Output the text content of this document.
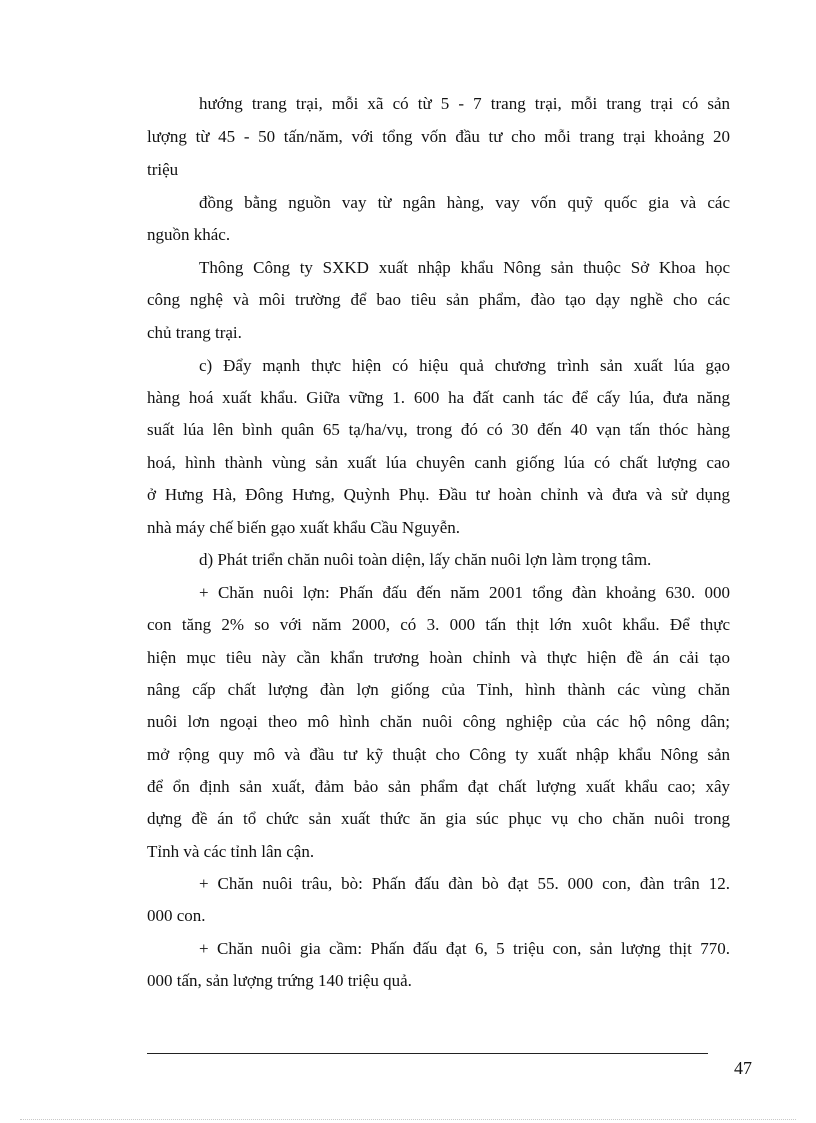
hướng trang trại, mỗi xã có từ 5 - 7 trang trại, mỗi trang trại có sản
lượng từ 45 - 50 tấn/năm, với tổng vốn đầu tư cho mỗi trang trại khoảng 20
triệu
đồng bằng nguồn vay từ ngân hàng, vay vốn quỹ quốc gia và các
nguồn khác.
Thông Công ty SXKD xuất nhập khẩu Nông sản thuộc Sở Khoa học
công nghệ và môi trường để bao tiêu sản phẩm, đào tạo dạy nghề cho các
chủ trang trại.
c) Đẩy mạnh thực hiện có hiệu quả chương trình sản xuất lúa gạo
hàng hoá xuất khẩu. Giữa vững 1. 600 ha đất canh tác để cấy lúa, đưa năng
suất lúa lên bình quân 65 tạ/ha/vụ, trong đó có 30 đến 40 vạn tấn thóc hàng
hoá, hình thành vùng sản xuất lúa chuyên canh giống lúa có chất lượng cao
ở Hưng Hà, Đông Hưng, Quỳnh Phụ. Đầu tư hoàn chỉnh và đưa và sử dụng
nhà máy chế biến gạo xuất khẩu Cầu Nguyễn.
d) Phát triển chăn nuôi toàn diện, lấy chăn nuôi lợn làm trọng tâm.
+ Chăn nuôi lợn: Phấn đấu đến năm 2001 tổng đàn khoảng 630. 000
con tăng 2% so với năm 2000, có 3. 000 tấn thịt lớn xuôt khẩu. Để thực
hiện mục tiêu này cần khẩn trương hoàn chỉnh và thực hiện đề án cải tạo
nâng cấp chất lượng đàn lợn giống của Tỉnh, hình thành các vùng chăn
nuôi lơn ngoại theo mô hình chăn nuôi công nghiệp của các hộ nông dân;
mở rộng quy mô và đầu tư kỹ thuật cho Công ty xuất nhập khẩu Nông sản
để ổn định sản xuất, đảm bảo sản phẩm đạt chất lượng xuất khẩu cao; xây
dựng đề án tổ chức sản xuất thức ăn gia súc phục vụ cho chăn nuôi trong
Tỉnh và các tỉnh lân cận.
+ Chăn nuôi trâu, bò: Phấn đấu đàn bò đạt 55. 000 con, đàn trân 12.
000 con.
+ Chăn nuôi gia cầm: Phấn đấu đạt 6, 5 triệu con, sản lượng thịt 770.
000 tấn, sản lượng trứng 140 triệu quả.
47
